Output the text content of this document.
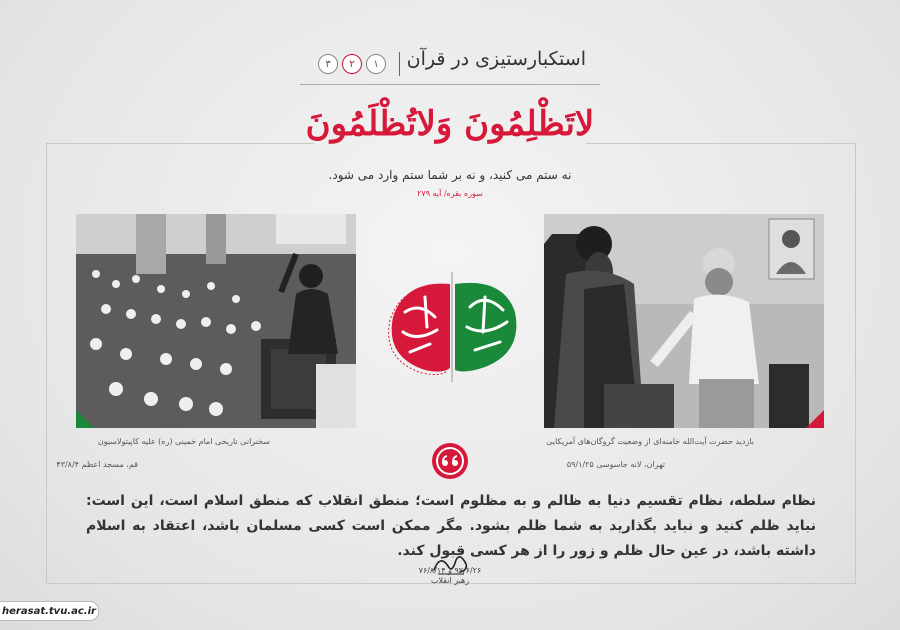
استکبارستیزی در قرآن
۱
۲
۳
لاتَظْلِمُونَ وَلاتُظْلَمُونَ
نه ستم می کنید، و نه بر شما ستم وارد می شود.
سوره بقره/ آیه ۲۷۹
سخنرانی تاریخی امام خمینی (ره) علیه کاپیتولاسیون
قم، مسجد اعظم ۴۳/۸/۴
بازدید حضرت آیت‌الله خامنه‌ای از وضعیت گروگان‌های آمریکایی
تهران، لانه جاسوسی ۵۹/۱/۲۵
نظام سلطه، نظام تقسیم دنیا به ظالم و به مظلوم است؛ منطق انقلاب که منطق اسلام است، این است: نباید ظلم کنید و نباید بگذارید به شما ظلم بشود. مگر ممکن است کسی مسلمان باشد، اعتقاد به اسلام داشته باشد، در عین حال ظلم و زور را از هر کسی قبول کند.
۹۲/۶/۲۶ و ۷۶/۸/۱۴
رهبر انقلاب
herasat.tvu.ac.ir
